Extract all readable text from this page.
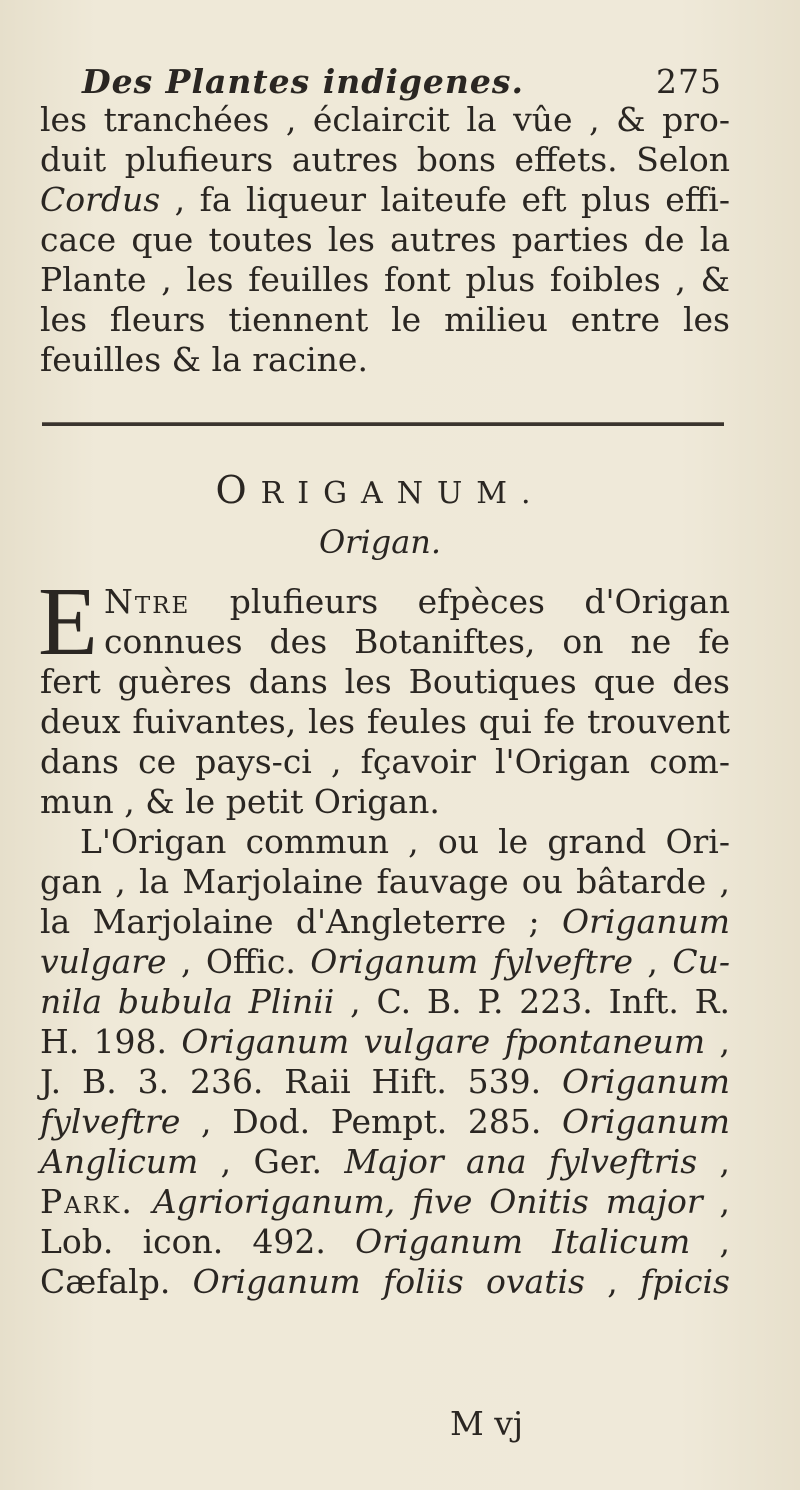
Des Plantes indigenes.	275
les tranchées , éclaircit la vûe , & pro-
duit plufieurs autres bons effets. Selon
Cordus , fa liqueur laiteufe eft plus effi-
cace que toutes les autres parties de la
Plante , les feuilles font plus foibles , &
les fleurs tiennent le milieu entre les
feuilles & la racine.
ORIGANUM.
Origan.
E Ntre plufieurs efpèces d'Origan
connues des Botaniftes, on ne fe
fert guères dans les Boutiques que des
deux fuivantes, les feules qui fe trouvent
dans ce pays-ci , fçavoir l'Origan com-
mun , & le petit Origan.
L'Origan commun , ou le grand Ori-
gan , la Marjolaine fauvage ou bâtarde ,
la Marjolaine d'Angleterre ; Origanum
vulgare , Offic. Origanum fylveftre , Cu-
nila bubula Plinii , C. B. P. 223. Inft. R.
H. 198. Origanum vulgare fpontaneum ,
J. B. 3. 236. Raii Hift. 539. Origanum
fylveftre , Dod. Pempt. 285. Origanum
Anglicum , Ger. Major ana fylveftris ,
Park. Agrioriganum, five Onitis major ,
Lob. icon. 492. Origanum Italicum ,
Cæfalp. Origanum foliis ovatis , fpicis
M vj
